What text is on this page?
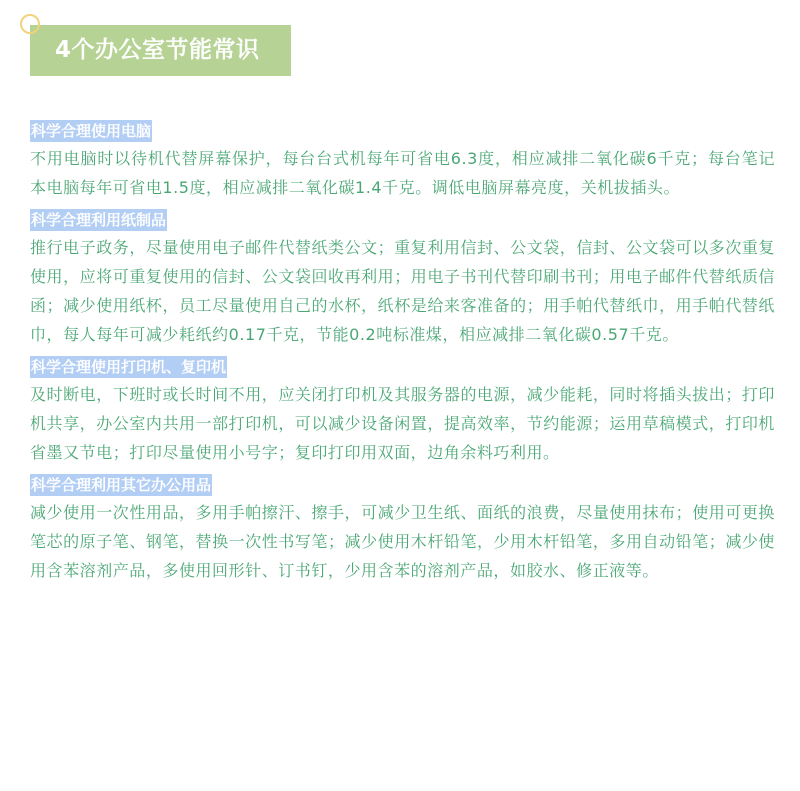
4个办公室节能常识
科学合理使用电脑

不用电脑时以待机代替屏幕保护，每台台式机每年可省电6.3度，相应减排二氧化碳6千克；每台笔记本电脑每年可省电1.5度，相应减排二氧化碳1.4千克。调低电脑屏幕亮度，关机拔插头。

科学合理利用纸制品

推行电子政务，尽量使用电子邮件代替纸类公文；重复利用信封、公文袋，信封、公文袋可以多次重复使用，应将可重复使用的信封、公文袋回收再利用；用电子书刊代替印刷书刊；用电子邮件代替纸质信函；减少使用纸杯，员工尽量使用自己的水杯，纸杯是给来客准备的；用手帕代替纸巾，用手帕代替纸巾，每人每年可减少耗纸约0.17千克，节能0.2吨标准煤，相应减排二氧化碳0.57千克。

科学合理使用打印机、复印机

及时断电，下班时或长时间不用，应关闭打印机及其服务器的电源，减少能耗，同时将插头拔出；打印机共享，办公室内共用一部打印机，可以减少设备闲置，提高效率，节约能源；运用草稿模式，打印机省墨又节电；打印尽量使用小号字；复印打印用双面，边角余料巧利用。

科学合理利用其它办公用品

减少使用一次性用品，多用手帕擦汗、擦手，可减少卫生纸、面纸的浪费，尽量使用抹布；使用可更换笔芯的原子笔、钢笔，替换一次性书写笔；减少使用木杆铅笔，少用木杆铅笔，多用自动铅笔；减少使用含苯溶剂产品，多使用回形针、订书钉，少用含苯的溶剂产品，如胶水、修正液等。
